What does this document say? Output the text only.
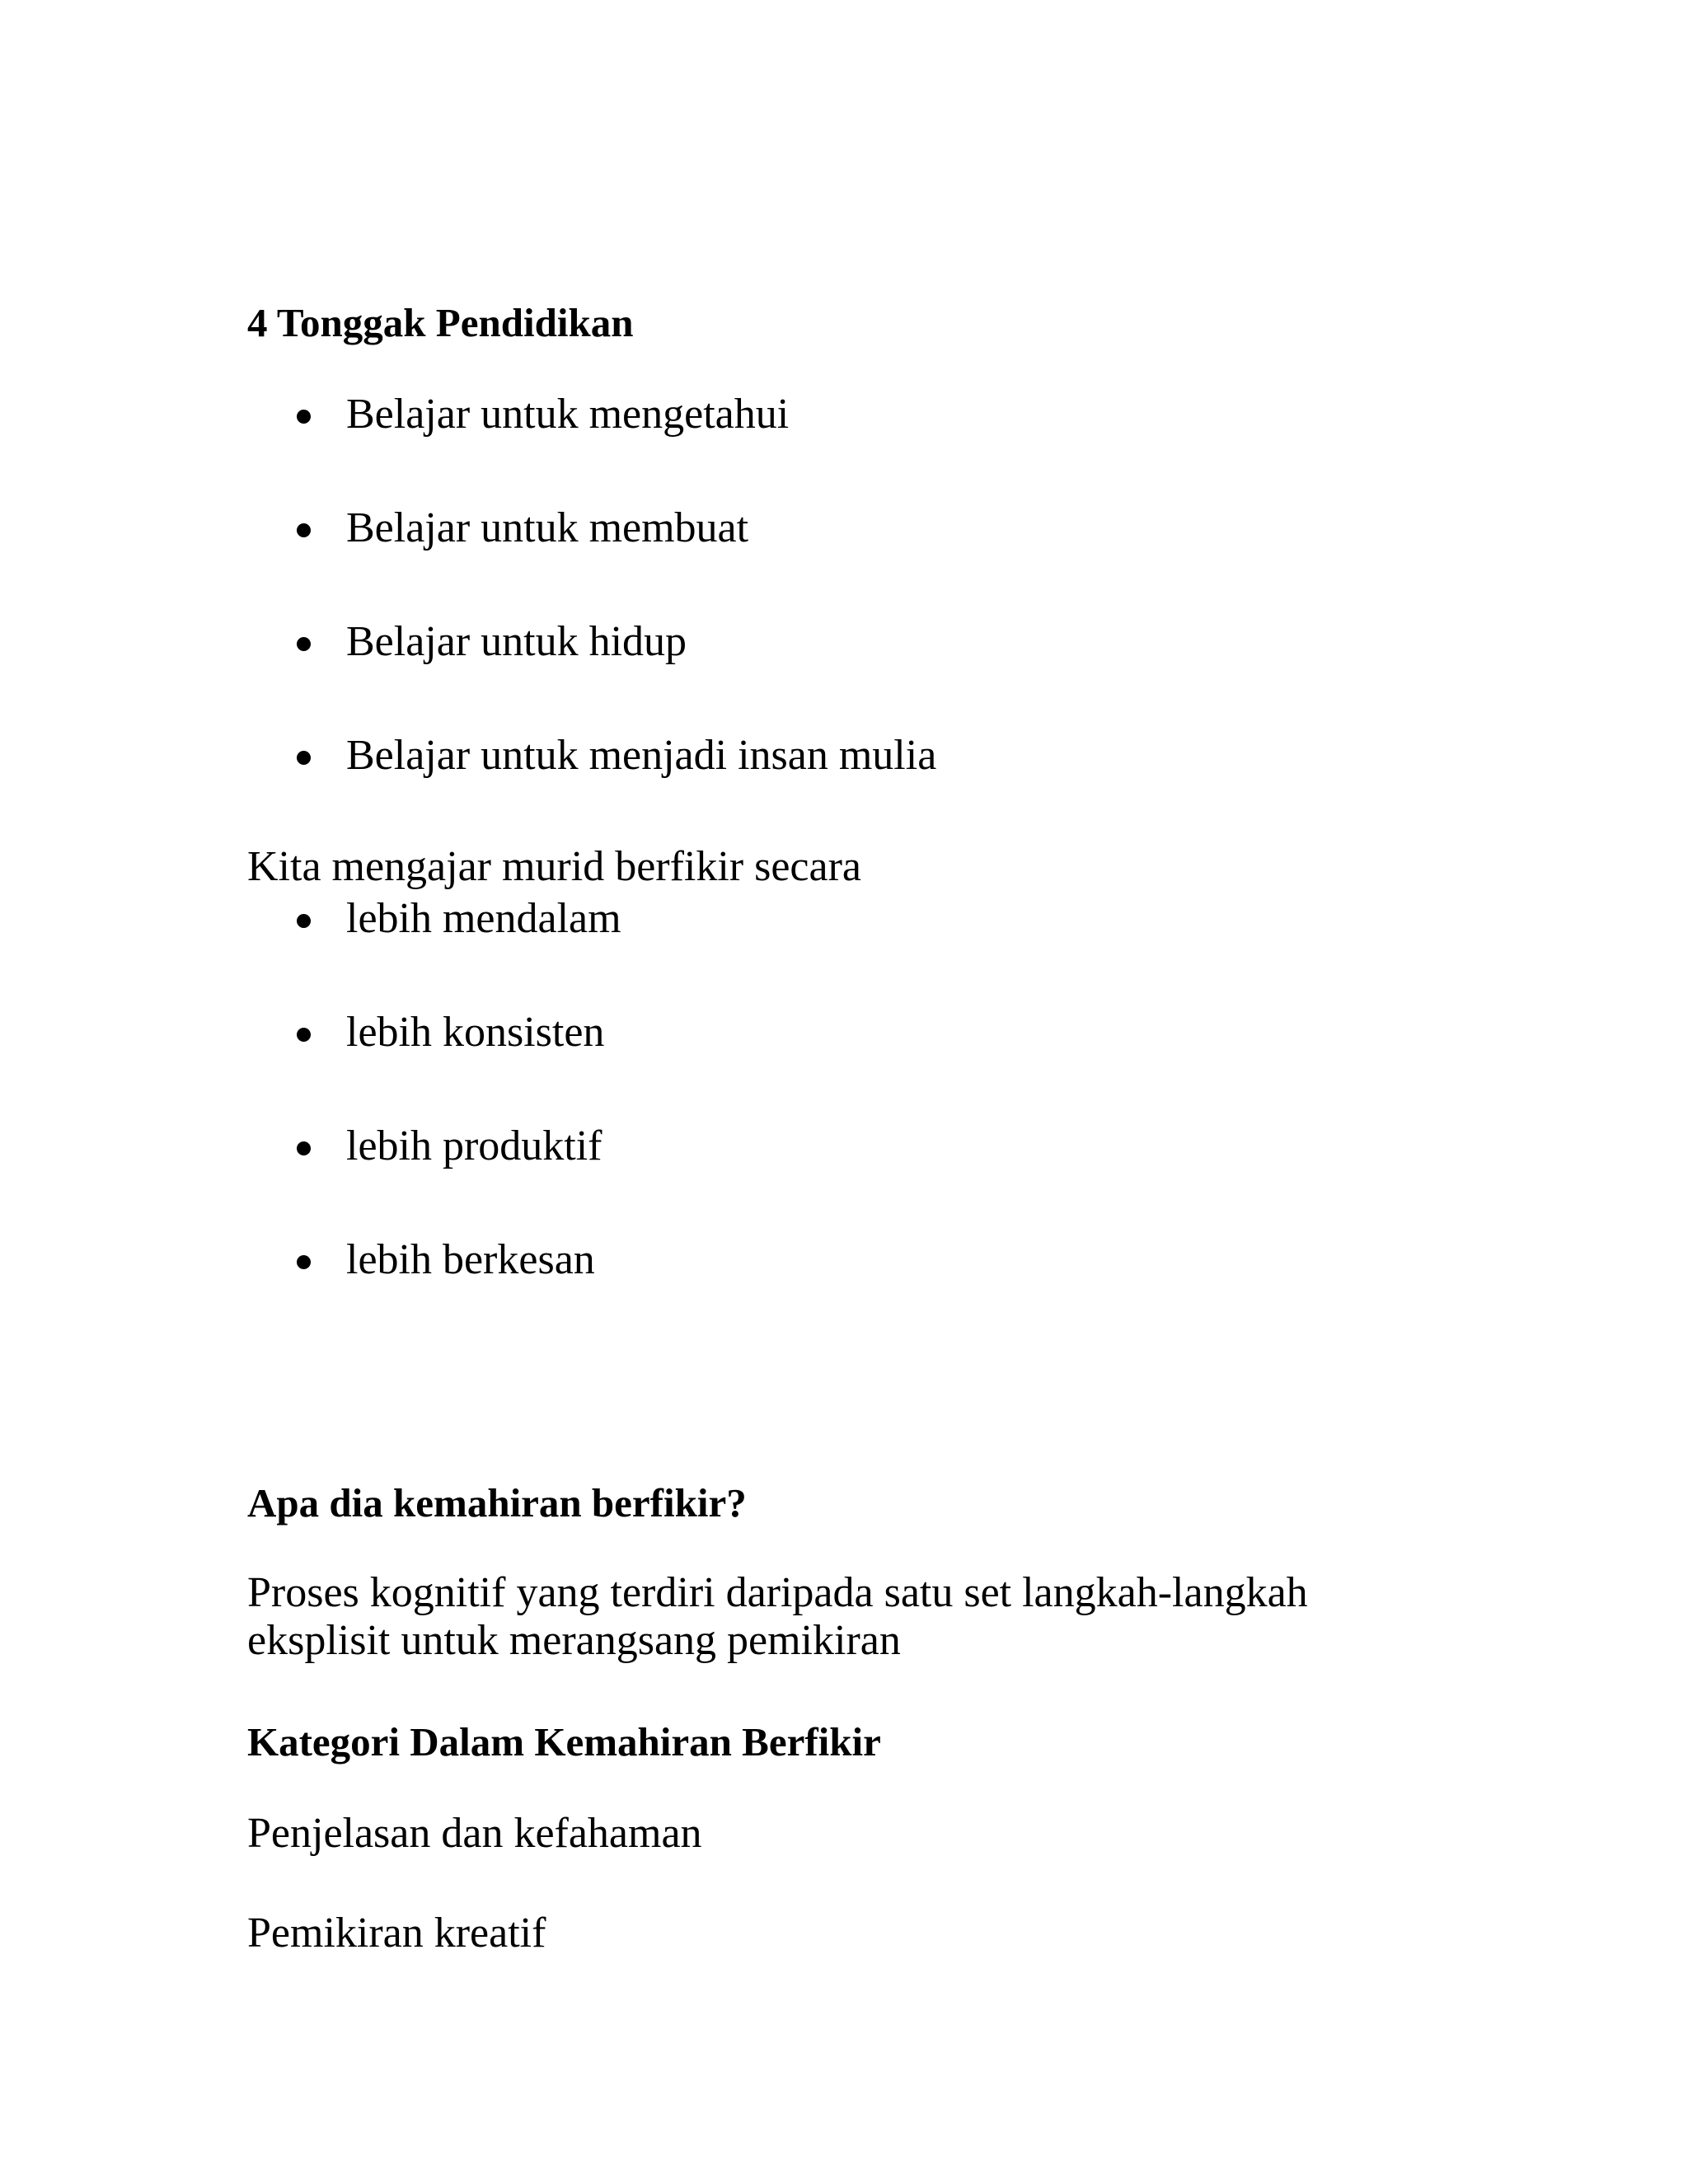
4 Tonggak Pendidikan
Belajar untuk mengetahui
Belajar untuk membuat
Belajar untuk hidup
Belajar untuk menjadi insan mulia
Kita mengajar murid berfikir secara
lebih mendalam
lebih konsisten
lebih produktif
lebih berkesan
Apa dia kemahiran berfikir?
Proses kognitif yang terdiri daripada satu set langkah-langkah
eksplisit untuk merangsang pemikiran
Kategori Dalam Kemahiran Berfikir
Penjelasan dan kefahaman
Pemikiran kreatif
